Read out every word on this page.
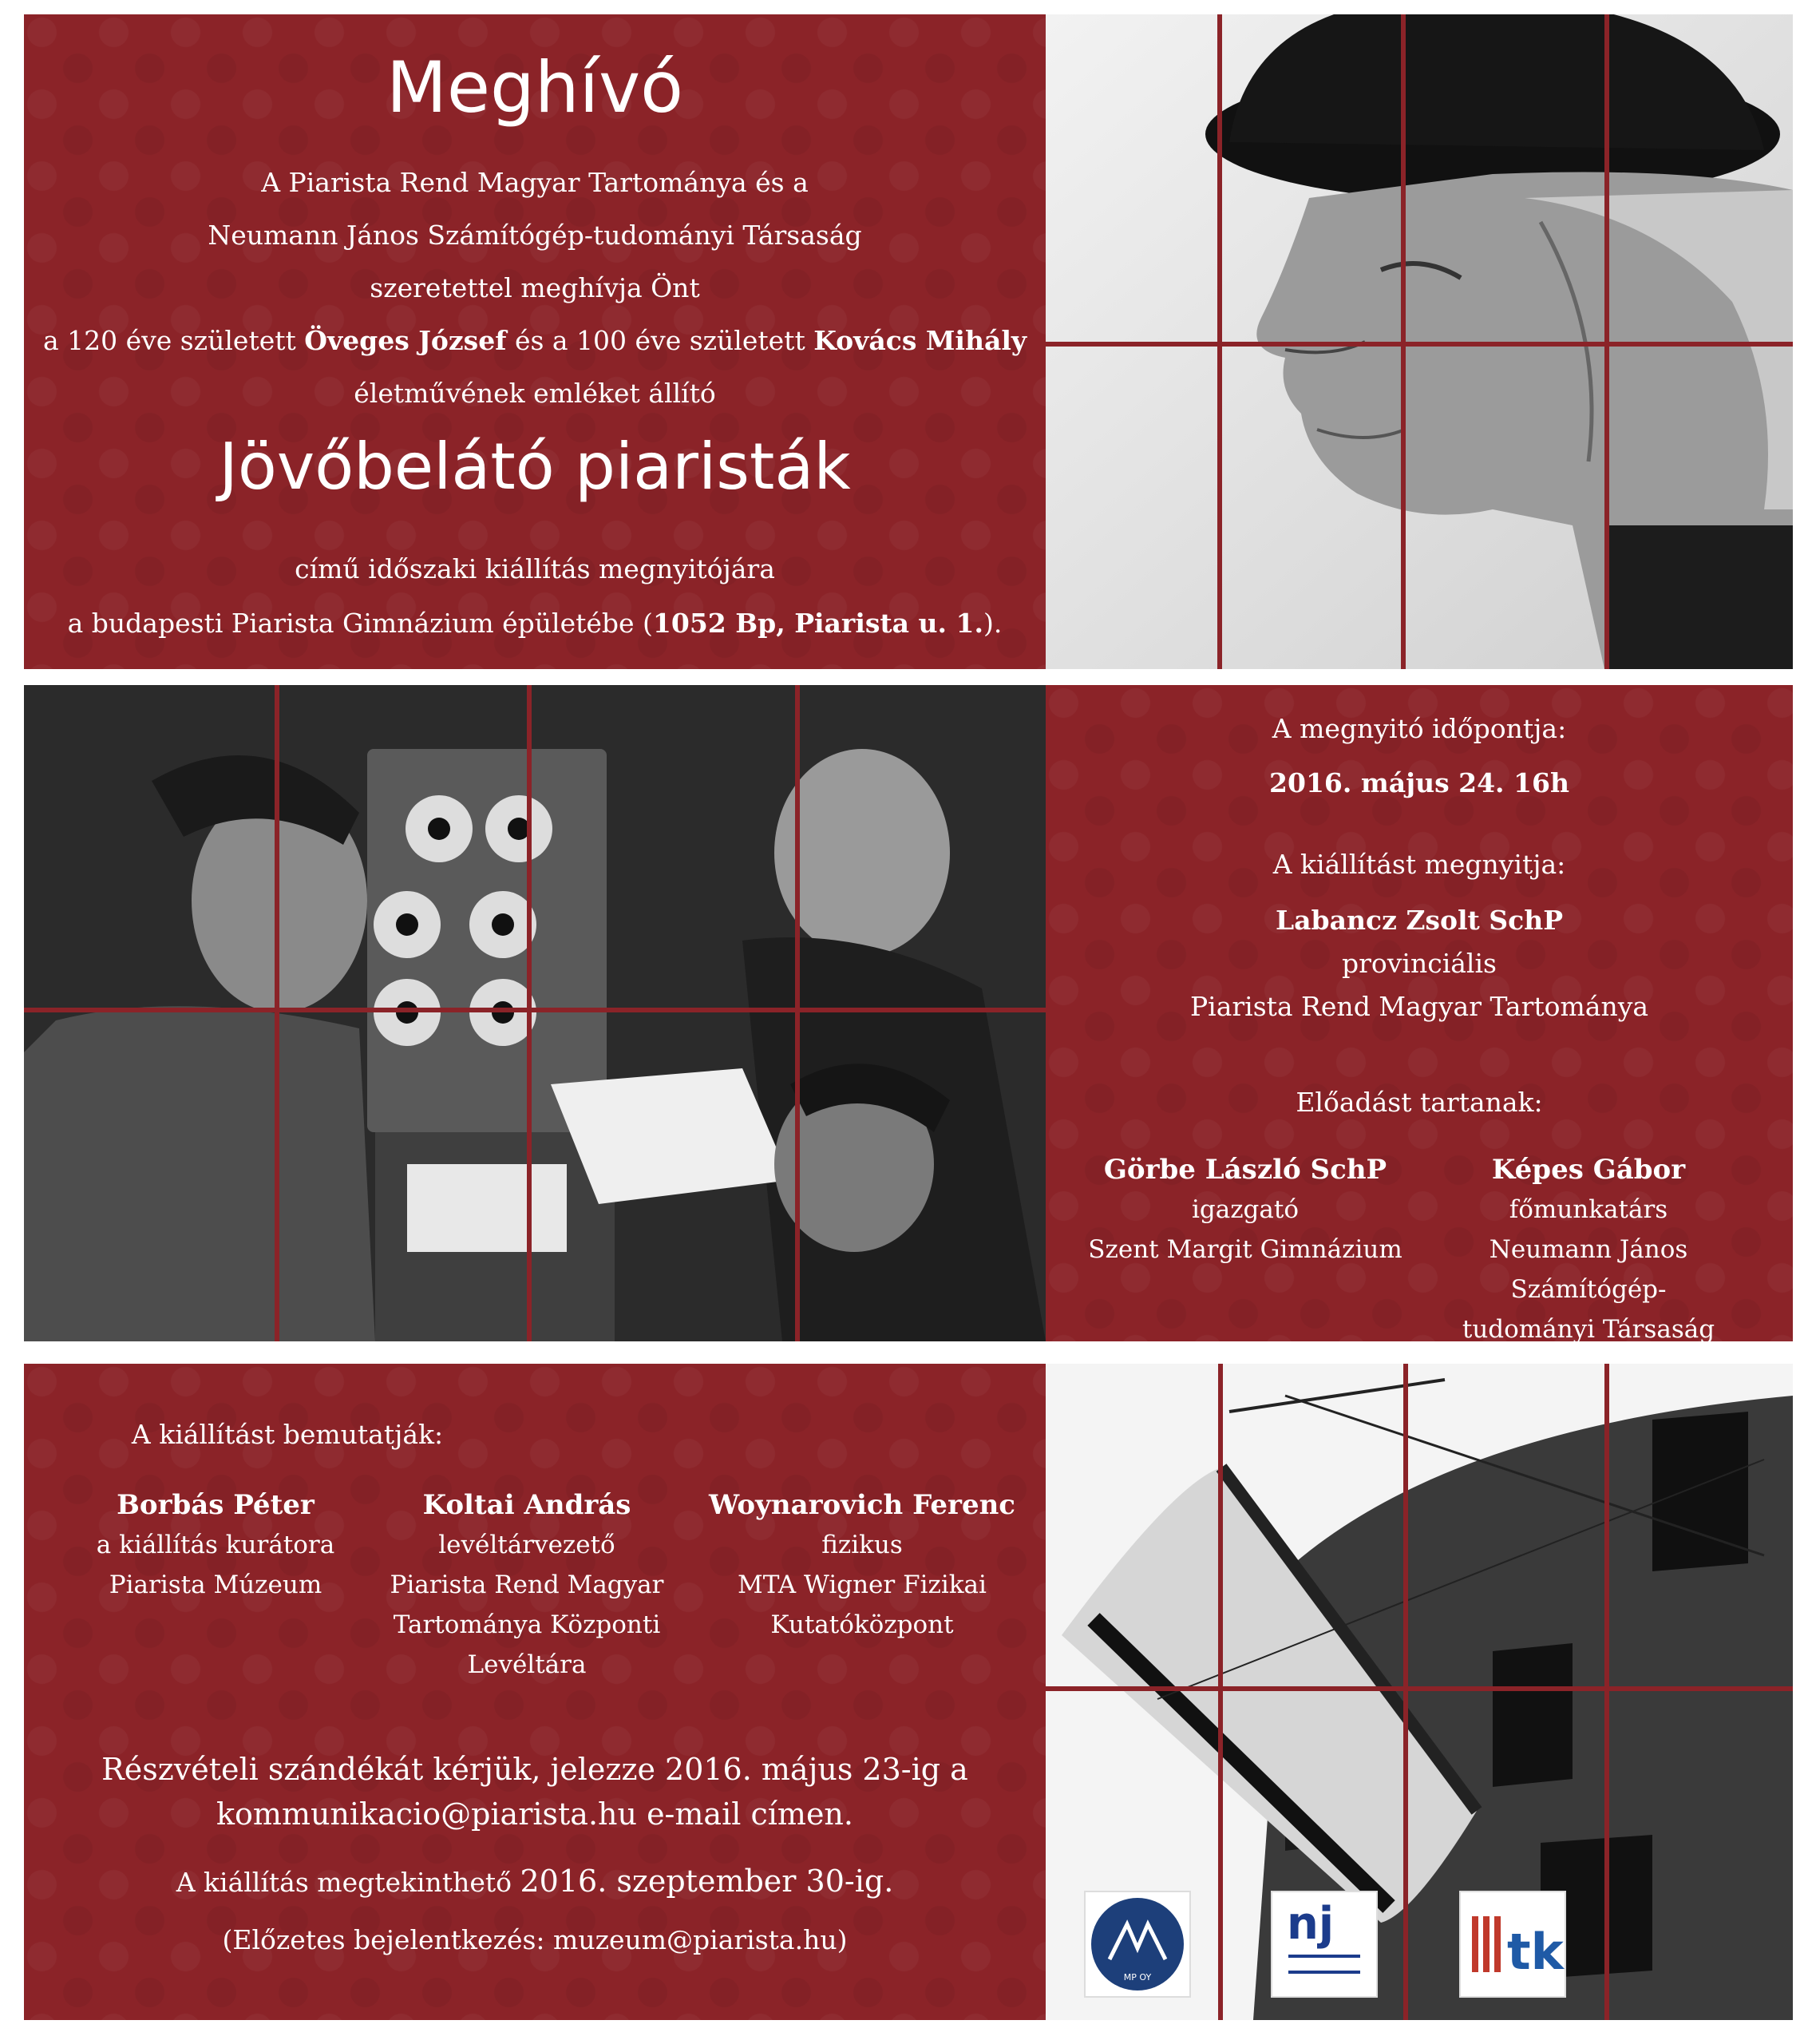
Meghívó
A Piarista Rend Magyar Tartománya és a
Neumann János Számítógép-tudományi Társaság
szeretettel meghívja Önt
a 120 éve született Öveges József és a 100 éve született Kovács Mihály
életművének emléket állító
Jövőbelátó piaristák
című időszaki kiállítás megnyitójára
a budapesti Piarista Gimnázium épületébe (1052 Bp, Piarista u. 1.).
A megnyitó időpontja:
2016. május 24. 16h
A kiállítást megnyitja:
Labancz Zsolt SchP
provinciális
Piarista Rend Magyar Tartománya
Előadást tartanak:
Görbe László SchP
igazgató
Szent Margit Gimnázium
Képes Gábor
főmunkatárs
Neumann János Számítógép-
tudományi Társaság
A kiállítást bemutatják:
Borbás Péter
a kiállítás kurátora
Piarista Múzeum
Koltai András
levéltárvezető
Piarista Rend Magyar
Tartománya Központi Levéltára
Woynarovich Ferenc
fizikus
MTA Wigner Fizikai
Kutatóközpont
Részvételi szándékát kérjük, jelezze 2016. május 23-ig a
kommunikacio@piarista.hu e-mail címen.
A kiállítás megtekinthető 2016. szeptember 30-ig.
(Előzetes bejelentkezés: muzeum@piarista.hu)
MP OY
nj	tk
